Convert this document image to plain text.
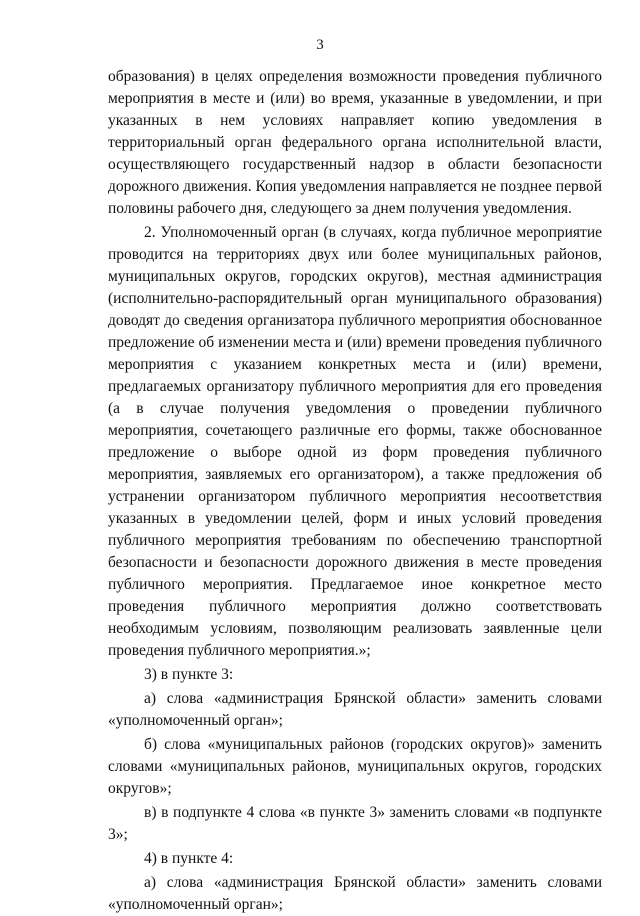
3

образования) в целях определения возможности проведения публичного мероприятия в месте и (или) во время, указанные в уведомлении, и при указанных в нем условиях направляет копию уведомления в территориальный орган федерального органа исполнительной власти, осуществляющего государственный надзор в области безопасности дорожного движения. Копия уведомления направляется не позднее первой половины рабочего дня, следующего за днем получения уведомления.

2. Уполномоченный орган (в случаях, когда публичное мероприятие проводится на территориях двух или более муниципальных районов, муниципальных округов, городских округов), местная администрация (исполнительно-распорядительный орган муниципального образования) доводят до сведения организатора публичного мероприятия обоснованное предложение об изменении места и (или) времени проведения публичного мероприятия с указанием конкретных места и (или) времени, предлагаемых организатору публичного мероприятия для его проведения (а в случае получения уведомления о проведении публичного мероприятия, сочетающего различные его формы, также обоснованное предложение о выборе одной из форм проведения публичного мероприятия, заявляемых его организатором), а также предложения об устранении организатором публичного мероприятия несоответствия указанных в уведомлении целей, форм и иных условий проведения публичного мероприятия требованиям по обеспечению транспортной безопасности и безопасности дорожного движения в месте проведения публичного мероприятия. Предлагаемое иное конкретное место проведения публичного мероприятия должно соответствовать необходимым условиям, позволяющим реализовать заявленные цели проведения публичного мероприятия.»;

3) в пункте 3:

а) слова «администрация Брянской области» заменить словами «уполномоченный орган»;

б) слова «муниципальных районов (городских округов)» заменить словами «муниципальных районов, муниципальных округов, городских округов»;

в) в подпункте 4 слова «в пункте 3» заменить словами «в подпункте 3»;

4) в пункте 4:

а) слова «администрация Брянской области» заменить словами «уполномоченный орган»;
